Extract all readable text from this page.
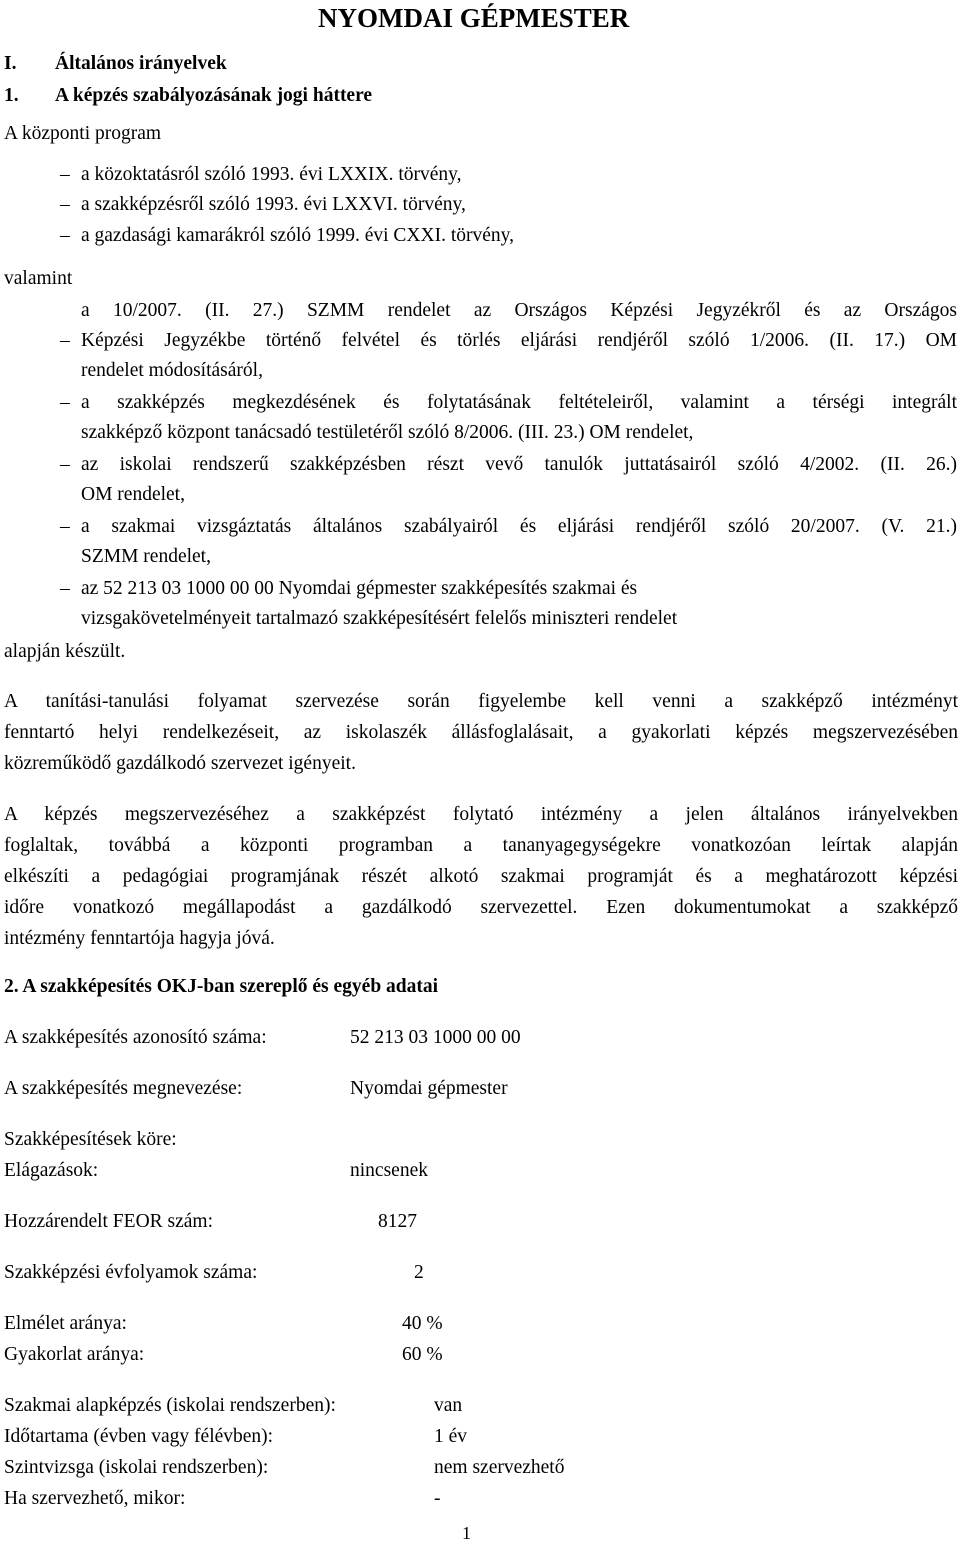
NYOMDAI GÉPMESTER
I. Általános irányelvek
1. A képzés szabályozásának jogi háttere
A központi program
– a közoktatásról szóló 1993. évi LXXIX. törvény,
– a szakképzésről szóló 1993. évi LXXVI. törvény,
– a gazdasági kamarákról szóló 1999. évi CXXI. törvény,
valamint
–
a 10/2007. (II. 27.) SZMM rendelet az Országos Képzési Jegyzékről és az Országos
Képzési Jegyzékbe történő felvétel és törlés eljárási rendjéről szóló 1/2006. (II. 17.) OM
rendelet módosításáról,
– a szakképzés megkezdésének és folytatásának feltételeiről, valamint a térségi integrált
szakképző központ tanácsadó testületéről szóló 8/2006. (III. 23.) OM rendelet,
– az iskolai rendszerű szakképzésben részt vevő tanulók juttatásairól szóló 4/2002. (II. 26.)
OM rendelet,
– a szakmai vizsgáztatás általános szabályairól és eljárási rendjéről szóló 20/2007. (V. 21.)
SZMM rendelet,
– az 52 213 03 1000 00 00 Nyomdai gépmester szakképesítés szakmai és
vizsgakövetelményeit tartalmazó szakképesítésért felelős miniszteri rendelet
alapján készült.
A tanítási-tanulási folyamat szervezése során figyelembe kell venni a szakképző intézményt
fenntartó helyi rendelkezéseit, az iskolaszék állásfoglalásait, a gyakorlati képzés megszervezésében
közreműködő gazdálkodó szervezet igényeit.
A képzés megszervezéséhez a szakképzést folytató intézmény a jelen általános irányelvekben
foglaltak, továbbá a központi programban a tananyagegységekre vonatkozóan leírtak alapján
elkészíti a pedagógiai programjának részét alkotó szakmai programját és a meghatározott képzési
időre vonatkozó megállapodást a gazdálkodó szervezettel. Ezen dokumentumokat a szakképző
intézmény fenntartója hagyja jóvá.
2. A szakképesítés OKJ-ban szereplő és egyéb adatai
A szakképesítés azonosító száma:	52 213 03 1000 00 00
A szakképesítés megnevezése:	Nyomdai gépmester
Szakképesítések köre:
Elágazások:	nincsenek
Hozzárendelt FEOR szám:	8127
Szakképzési évfolyamok száma:	2
Elmélet aránya:	40 %
Gyakorlat aránya:	60 %
Szakmai alapképzés (iskolai rendszerben):	van
Időtartama (évben vagy félévben):	1 év
Szintvizsga (iskolai rendszerben):	nem szervezhető
Ha szervezhető, mikor:	-
1
